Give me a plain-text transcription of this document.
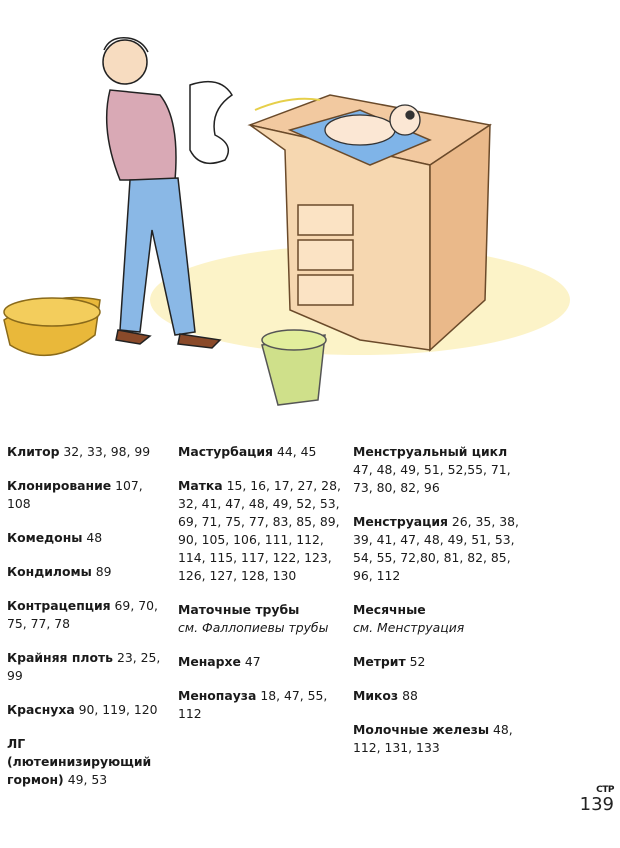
Клитор 32, 33, 98, 99
Клонирование 107, 108
Комедоны 48
Кондиломы 89
Контрацепция 69, 70, 75, 77, 78
Крайняя плоть 23, 25, 99
Краснуха 90, 119, 120
ЛГ (лютеинизирующий гормон) 49, 53
Мастурбация 44, 45
Матка 15, 16, 17, 27, 28, 32, 41, 47, 48, 49, 52, 53, 69, 71, 75, 77, 83, 85, 89, 90, 105, 106, 111, 112, 114, 115, 117, 122, 123, 126, 127, 128, 130
Маточные трубы
см. Фаллопиевы трубы
Менархе 47
Менопауза 18, 47, 55, 112
Менструальный цикл 47, 48, 49, 51, 52,55, 71, 73, 80, 82, 96
Менструация 26, 35, 38, 39, 41, 47, 48, 49, 51, 53, 54, 55, 72,80, 81, 82, 85, 96, 112
Месячные
см. Менструация
Метрит 52
Микоз 88
Молочные железы 48, 112, 131, 133
СТР
139
